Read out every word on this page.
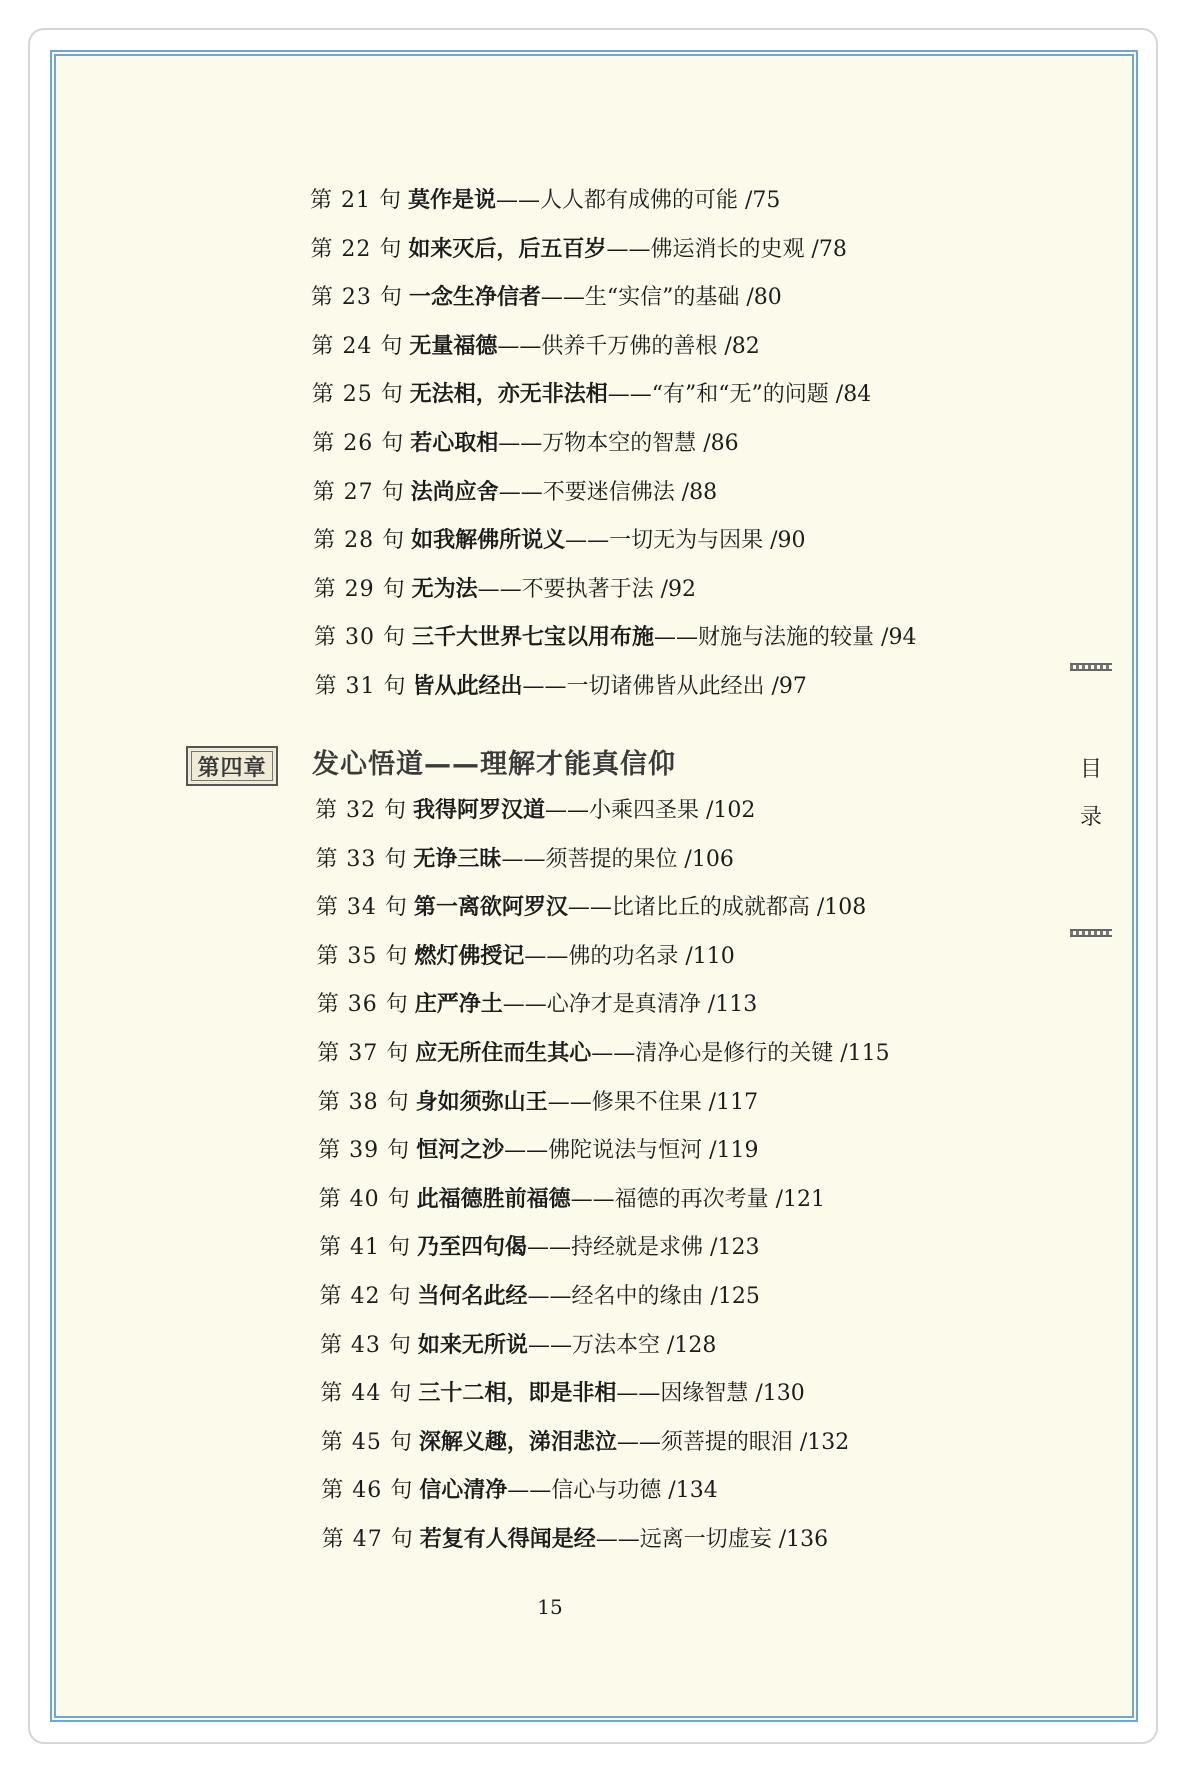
第 21 句 莫作是说——人人都有成佛的可能 /75
第 22 句 如来灭后，后五百岁——佛运消长的史观 /78
第 23 句 一念生净信者——生“实信”的基础 /80
第 24 句 无量福德——供养千万佛的善根 /82
第 25 句 无法相，亦无非法相——“有”和“无”的问题 /84
第 26 句 若心取相——万物本空的智慧 /86
第 27 句 法尚应舍——不要迷信佛法 /88
第 28 句 如我解佛所说义——一切无为与因果 /90
第 29 句 无为法——不要执著于法 /92
第 30 句 三千大世界七宝以用布施——财施与法施的较量 /94
第 31 句 皆从此经出——一切诸佛皆从此经出 /97
第四章 发心悟道——理解才能真信仰
第 32 句 我得阿罗汉道——小乘四圣果 /102
第 33 句 无诤三昧——须菩提的果位 /106
第 34 句 第一离欲阿罗汉——比诸比丘的成就都高 /108
第 35 句 燃灯佛授记——佛的功名录 /110
第 36 句 庄严净土——心净才是真清净 /113
第 37 句 应无所住而生其心——清净心是修行的关键 /115
第 38 句 身如须弥山王——修果不住果 /117
第 39 句 恒河之沙——佛陀说法与恒河 /119
第 40 句 此福德胜前福德——福德的再次考量 /121
第 41 句 乃至四句偈——持经就是求佛 /123
第 42 句 当何名此经——经名中的缘由 /125
第 43 句 如来无所说——万法本空 /128
第 44 句 三十二相，即是非相——因缘智慧 /130
第 45 句 深解义趣，涕泪悲泣——须菩提的眼泪 /132
第 46 句 信心清净——信心与功德 /134
第 47 句 若复有人得闻是经——远离一切虚妄 /136
目
录
15
